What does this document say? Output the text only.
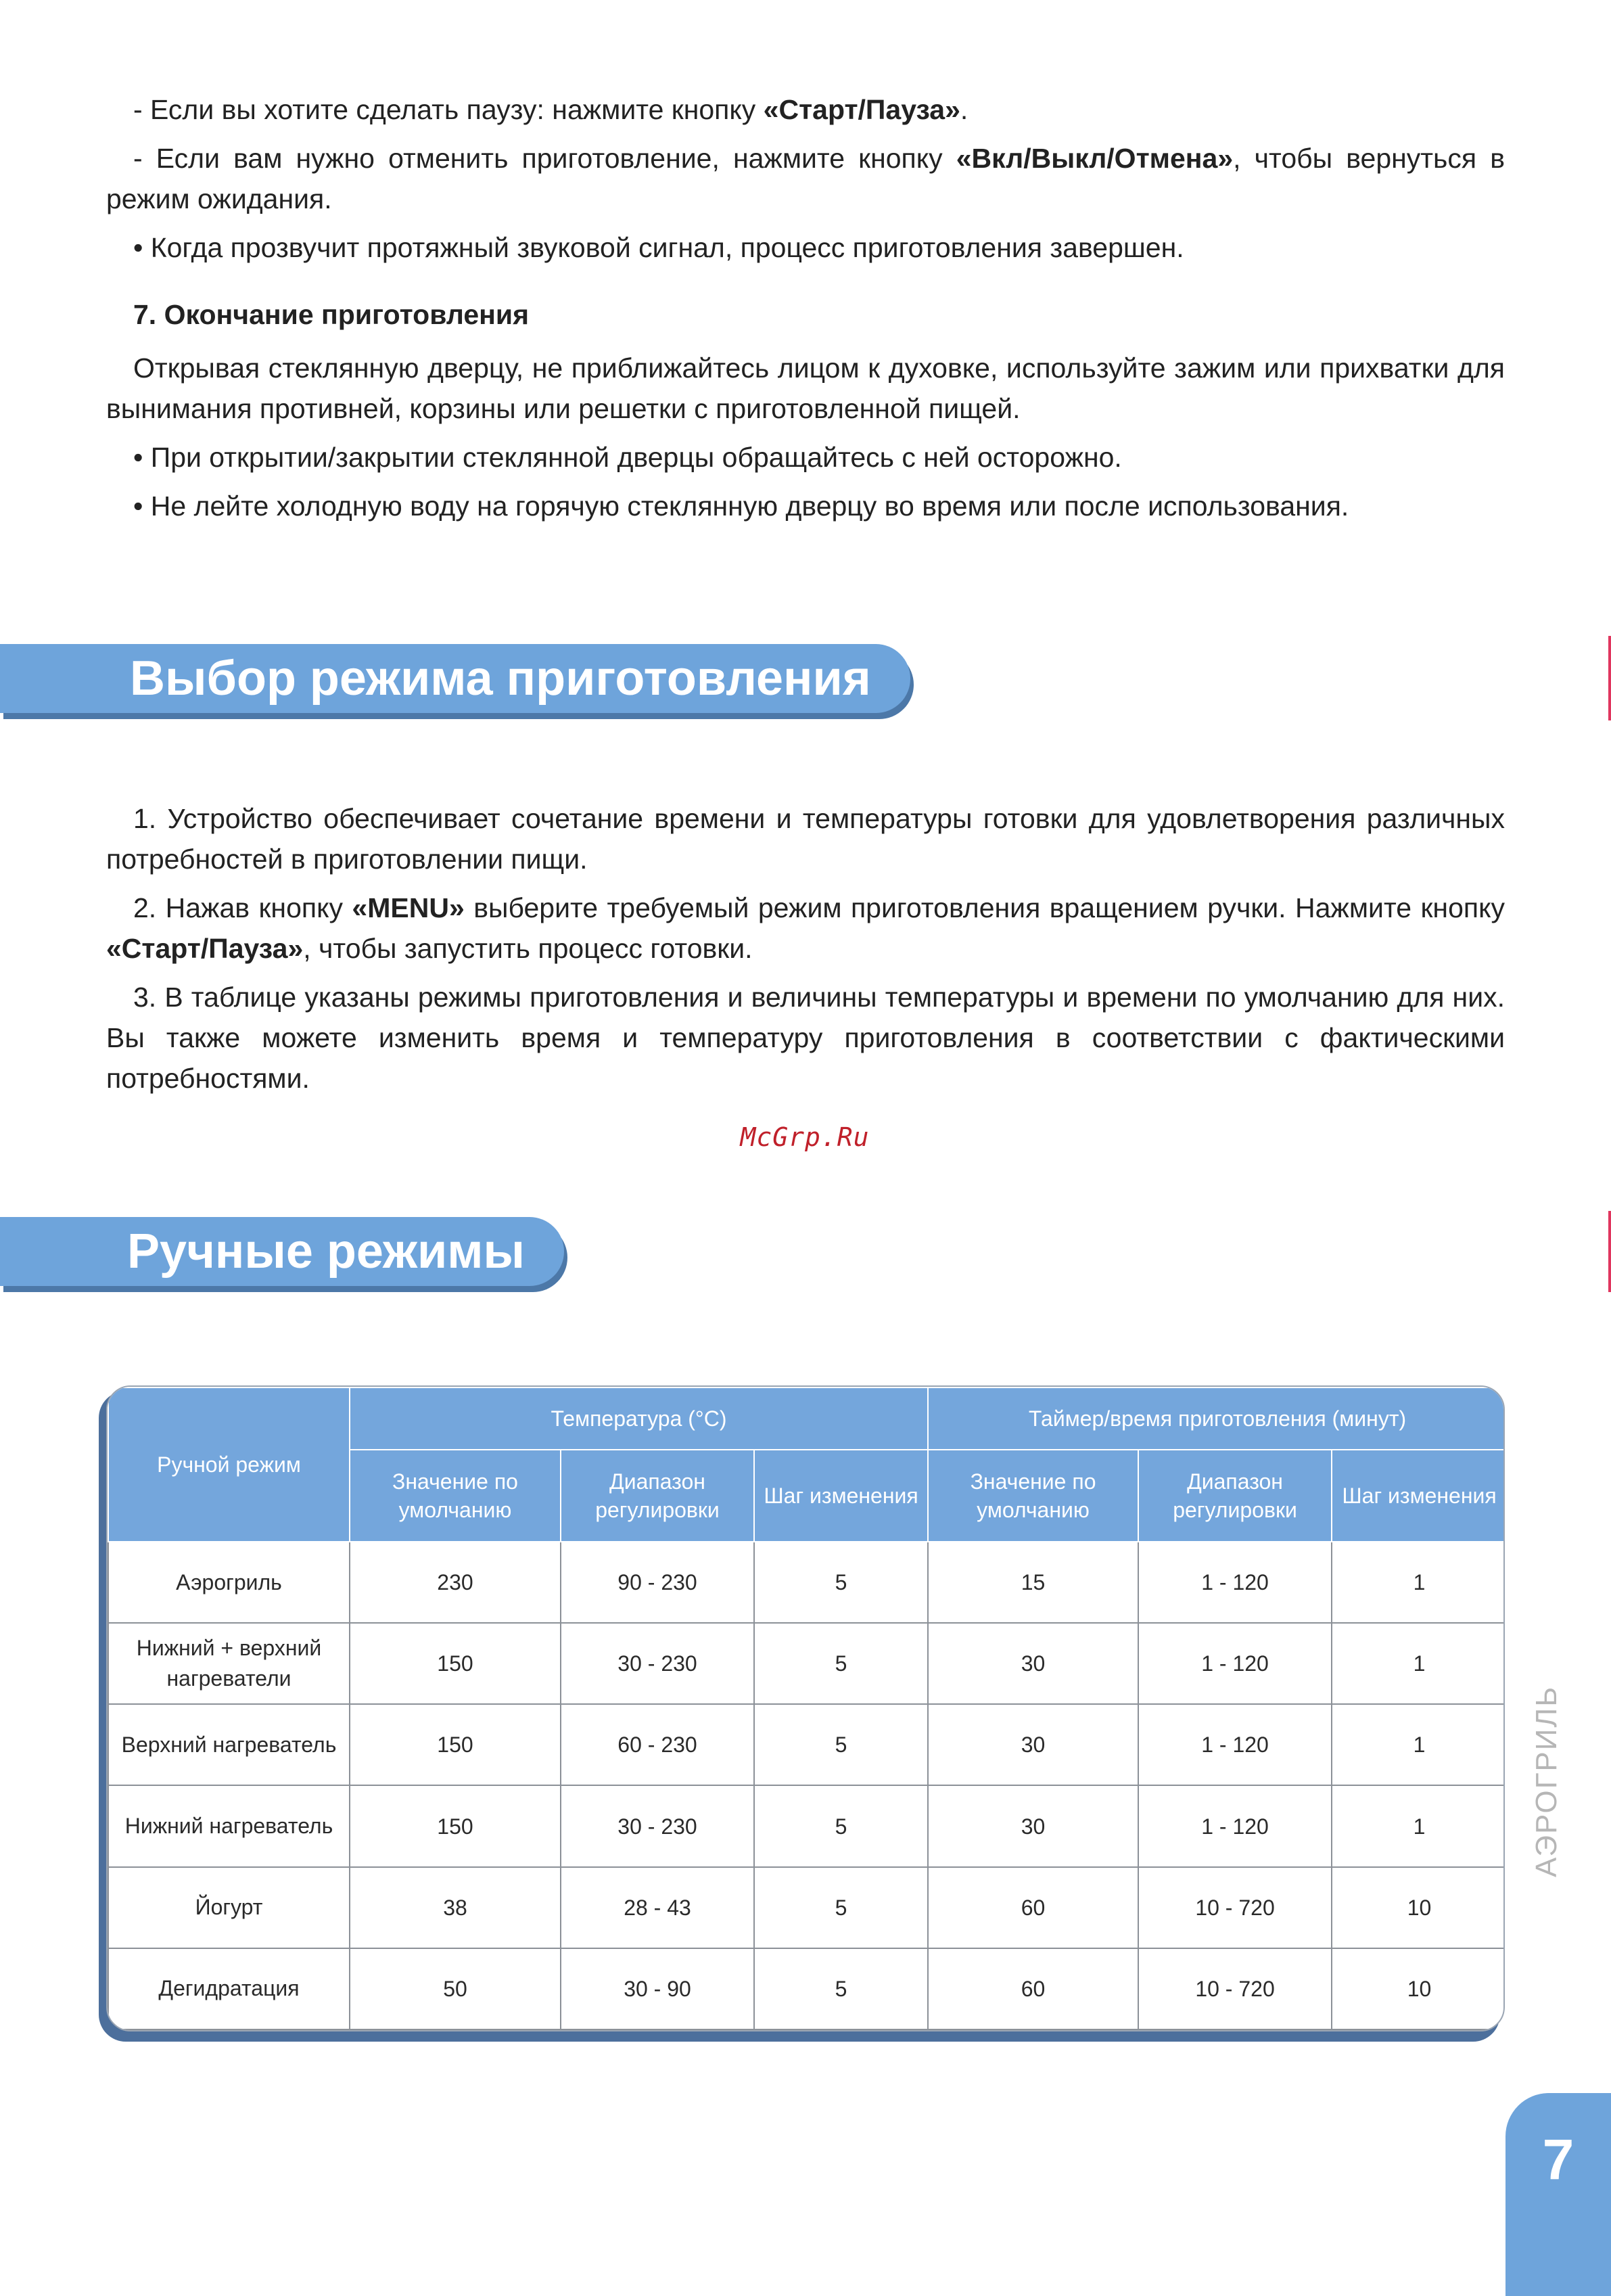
- Если вы хотите сделать паузу: нажмите кнопку «Старт/Пауза».

- Если вам нужно отменить приготовление, нажмите кнопку «Вкл/Выкл/Отмена», чтобы вернуться в режим ожидания.

• Когда прозвучит протяжный звуковой сигнал, процесс приготовления завершен.

7. Окончание приготовления

Открывая стеклянную дверцу, не приближайтесь лицом к духовке, используйте зажим или прихватки для вынимания противней, корзины или решетки с приготовленной пищей.

• При открытии/закрытии стеклянной дверцы обращайтесь с ней осторожно.

• Не лейте холодную воду на горячую стеклянную дверцу во время или после использования.

Выбор режима приготовления

1. Устройство обеспечивает сочетание времени и температуры готовки для удовлетворения различных потребностей в приготовлении пищи.

2. Нажав кнопку «MENU» выберите требуемый режим приготовления вращением ручки. Нажмите кнопку «Старт/Пауза», чтобы запустить процесс готовки.

3. В таблице указаны режимы приготовления и величины температуры и времени по умолчанию для них. Вы также можете изменить время и температуру приготовления в соответствии с фактическими потребностями.

McGrp.Ru
Ручные режимы
Ручной режим	Температура (°C)			Таймер/время приготовления (минут)		
	Значение по умолчанию	Диапазон регулировки	Шаг изменения	Значение по умолчанию	Диапазон регулировки	Шаг изменения
Аэрогриль	230	90 - 230	5	15	1 - 120	1
Нижний + верхний нагреватели	150	30 - 230	5	30	1 - 120	1
Верхний нагреватель	150	60 - 230	5	30	1 - 120	1
Нижний нагреватель	150	30 - 230	5	30	1 - 120	1
Йогурт	38	28 - 43	5	60	10 - 720	10
Дегидратация	50	30 - 90	5	60	10 - 720	10
АЭРОГРИЛЬ
7
